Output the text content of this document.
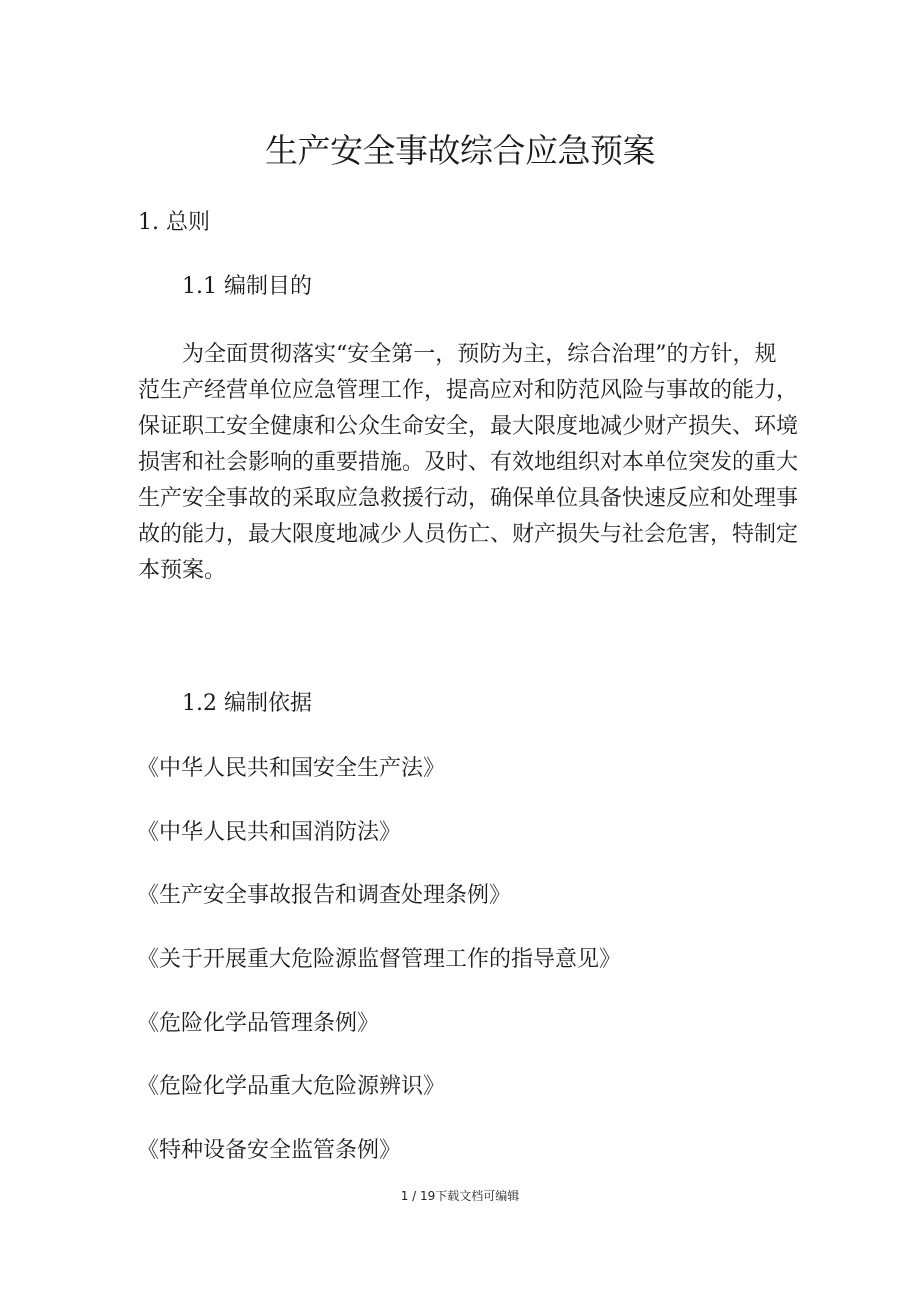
生产安全事故综合应急预案
1. 总则
1.1 编制目的

为全面贯彻落实“安全第一，预防为主，综合治理”的方针，规

范生产经营单位应急管理工作，提高应对和防范风险与事故的能力，

保证职工安全健康和公众生命安全，最大限度地减少财产损失、环境

损害和社会影响的重要措施。及时、有效地组织对本单位突发的重大

生产安全事故的采取应急救援行动，确保单位具备快速反应和处理事

故的能力，最大限度地减少人员伤亡、财产损失与社会危害，特制定

本预案。

1.2 编制依据
《中华人民共和国安全生产法》
《中华人民共和国消防法》
《生产安全事故报告和调查处理条例》
《关于开展重大危险源监督管理工作的指导意见》
《危险化学品管理条例》
《危险化学品重大危险源辨识》
《特种设备安全监管条例》
1 / 19下载文档可编辑
